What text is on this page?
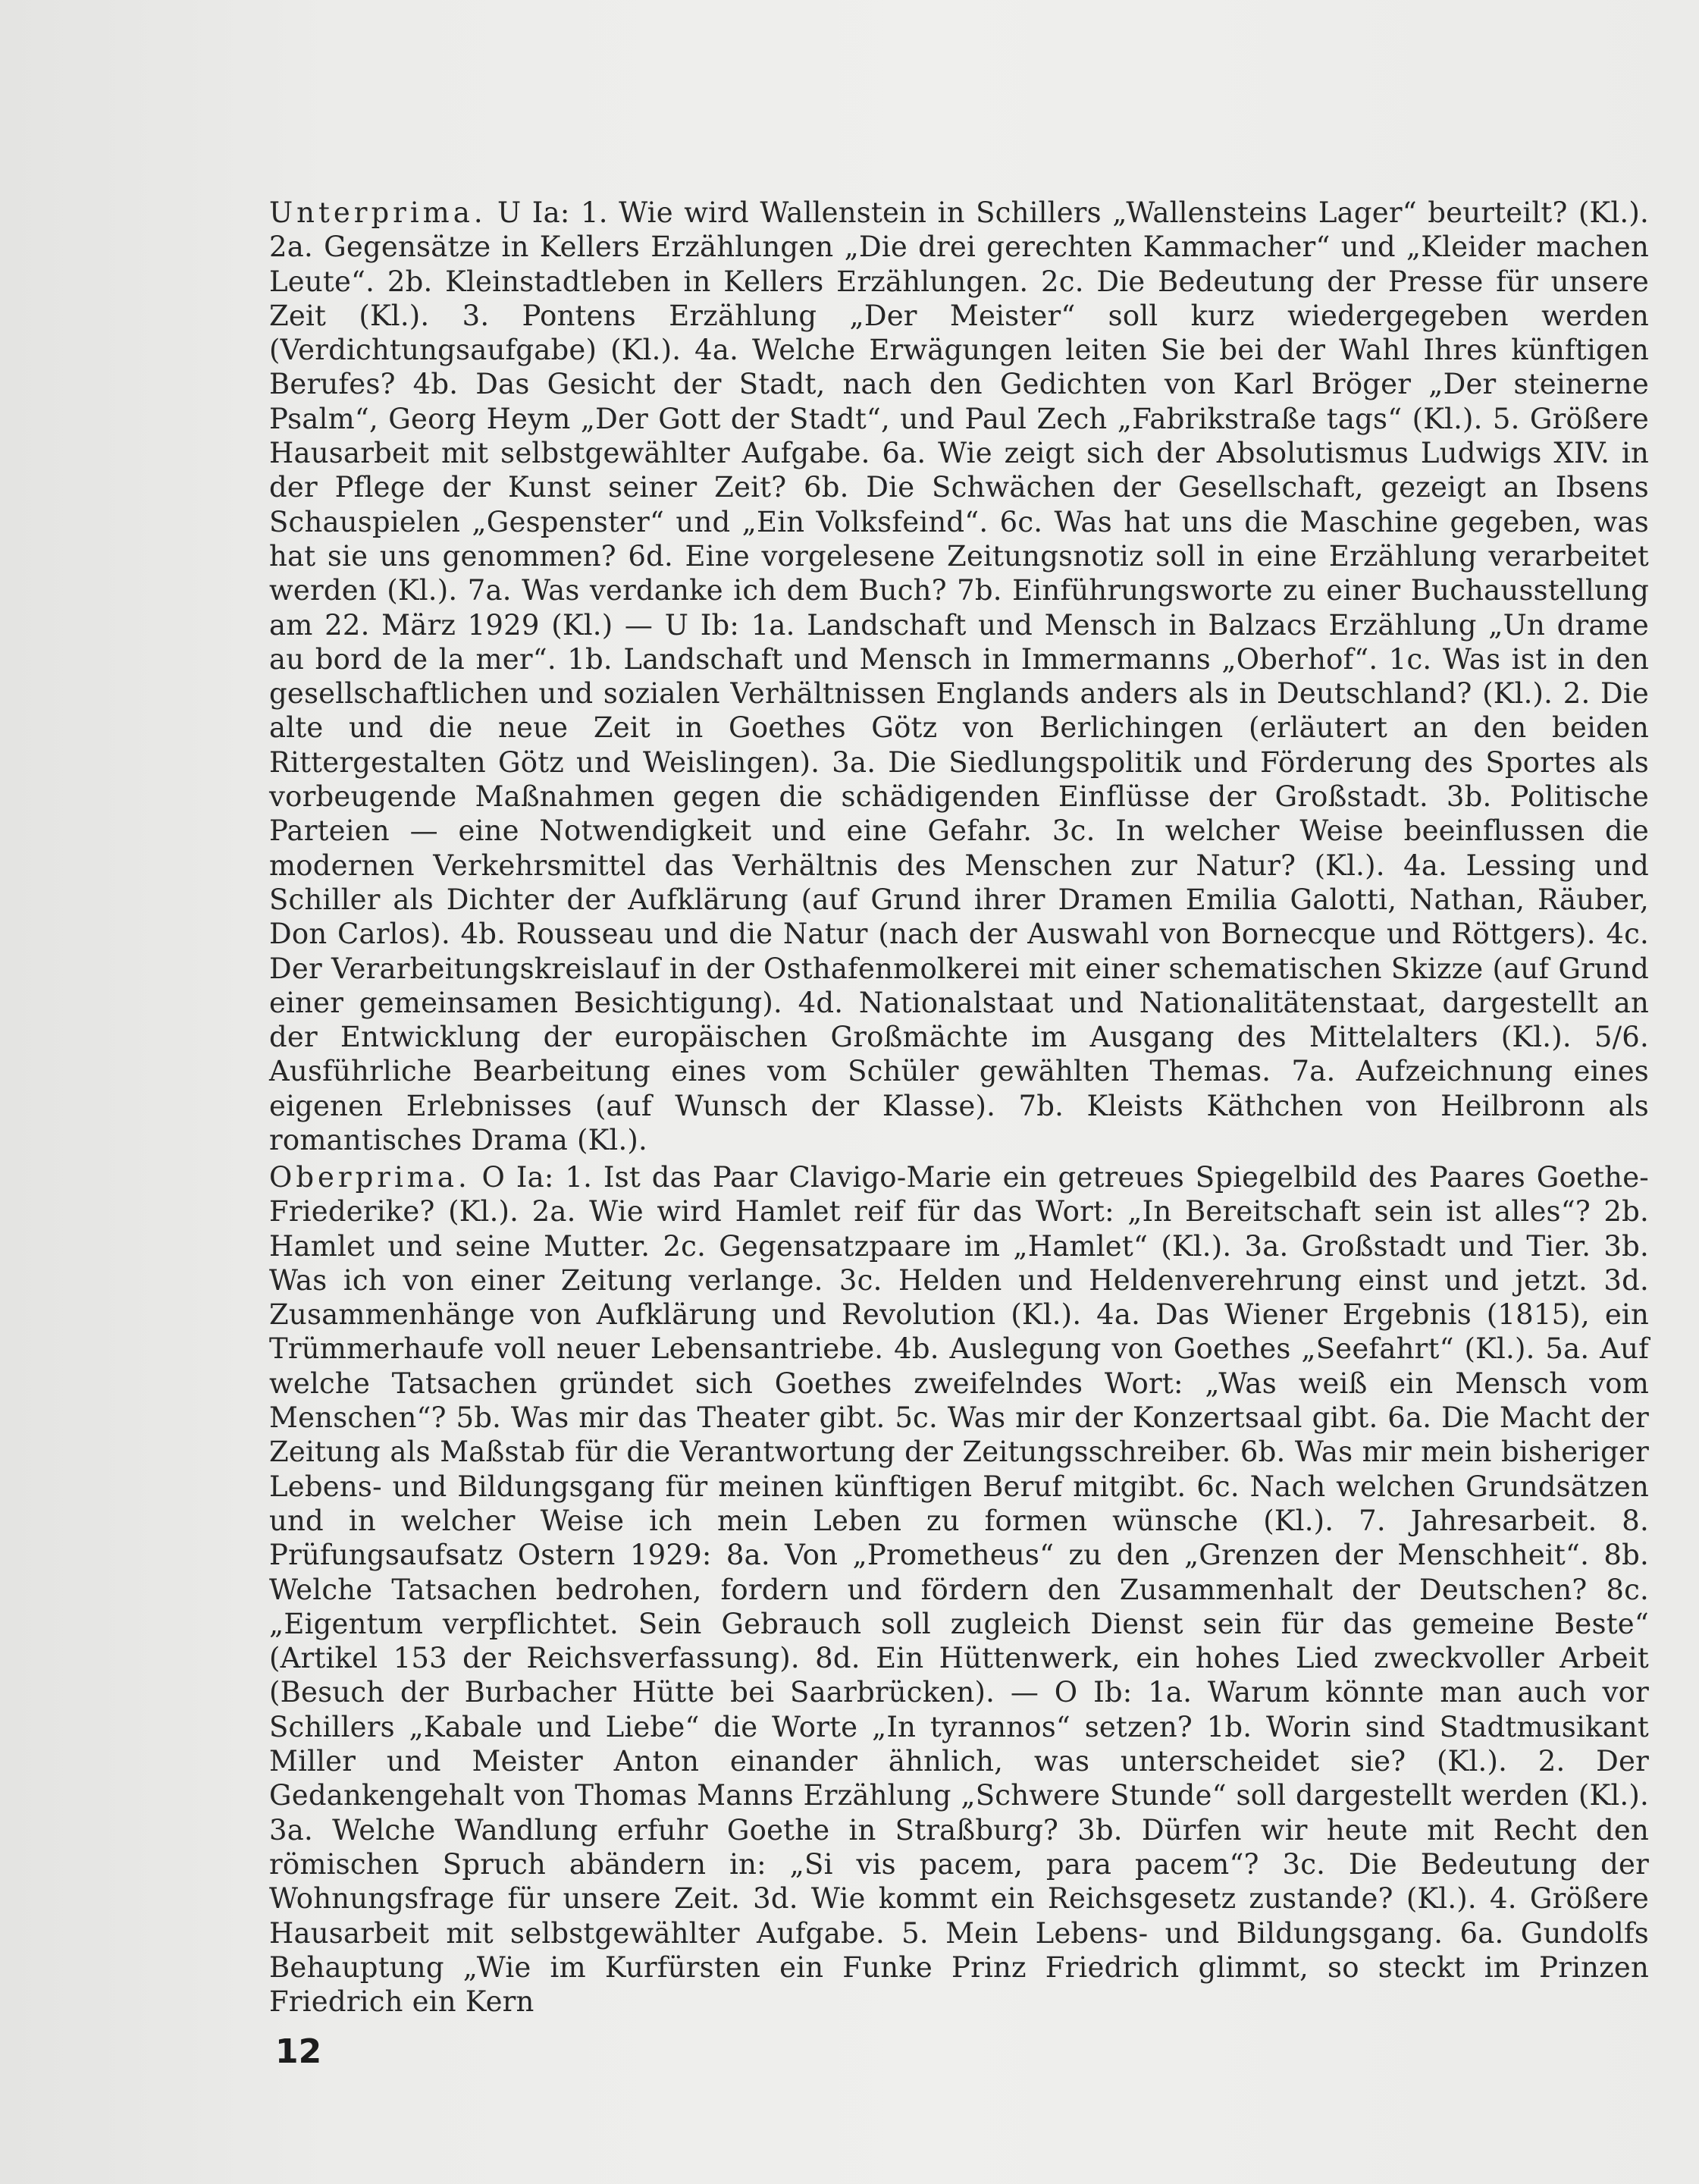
Unterprima. U Ia: 1. Wie wird Wallenstein in Schillers „Wallensteins Lager“ beurteilt? (Kl.). 2a. Gegensätze in Kellers Erzählungen „Die drei gerechten Kammacher“ und „Kleider machen Leute“. 2b. Kleinstadtleben in Kellers Erzählungen. 2c. Die Bedeutung der Presse für unsere Zeit (Kl.). 3. Pontens Erzählung „Der Meister“ soll kurz wiedergegeben werden (Verdichtungsaufgabe) (Kl.). 4a. Welche Erwägungen leiten Sie bei der Wahl Ihres künftigen Berufes? 4b. Das Gesicht der Stadt, nach den Gedichten von Karl Bröger „Der steinerne Psalm“, Georg Heym „Der Gott der Stadt“, und Paul Zech „Fabrikstraße tags“ (Kl.). 5. Größere Hausarbeit mit selbstgewählter Aufgabe. 6a. Wie zeigt sich der Absolutismus Ludwigs XIV. in der Pflege der Kunst seiner Zeit? 6b. Die Schwächen der Gesellschaft, gezeigt an Ibsens Schauspielen „Gespenster“ und „Ein Volksfeind“. 6c. Was hat uns die Maschine gegeben, was hat sie uns genommen? 6d. Eine vorgelesene Zeitungsnotiz soll in eine Erzählung verarbeitet werden (Kl.). 7a. Was verdanke ich dem Buch? 7b. Einführungsworte zu einer Buchausstellung am 22. März 1929 (Kl.) — U Ib: 1a. Landschaft und Mensch in Balzacs Erzählung „Un drame au bord de la mer“. 1b. Landschaft und Mensch in Immermanns „Oberhof“. 1c. Was ist in den gesellschaftlichen und sozialen Verhältnissen Englands anders als in Deutschland? (Kl.). 2. Die alte und die neue Zeit in Goethes Götz von Berlichingen (erläutert an den beiden Rittergestalten Götz und Weislingen). 3a. Die Siedlungspolitik und Förderung des Sportes als vorbeugende Maßnahmen gegen die schädigenden Einflüsse der Großstadt. 3b. Politische Parteien — eine Notwendigkeit und eine Gefahr. 3c. In welcher Weise beeinflussen die modernen Verkehrsmittel das Verhältnis des Menschen zur Natur? (Kl.). 4a. Lessing und Schiller als Dichter der Aufklärung (auf Grund ihrer Dramen Emilia Galotti, Nathan, Räuber, Don Carlos). 4b. Rousseau und die Natur (nach der Auswahl von Bornecque und Röttgers). 4c. Der Verarbeitungskreislauf in der Osthafenmolkerei mit einer schematischen Skizze (auf Grund einer gemeinsamen Besichtigung). 4d. Nationalstaat und Nationalitätenstaat, dargestellt an der Entwicklung der europäischen Großmächte im Ausgang des Mittelalters (Kl.). 5/6. Ausführliche Bearbeitung eines vom Schüler gewählten Themas. 7a. Aufzeichnung eines eigenen Erlebnisses (auf Wunsch der Klasse). 7b. Kleists Käthchen von Heilbronn als romantisches Drama (Kl.).

Oberprima. O Ia: 1. Ist das Paar Clavigo-Marie ein getreues Spiegelbild des Paares Goethe-Friederike? (Kl.). 2a. Wie wird Hamlet reif für das Wort: „In Bereitschaft sein ist alles“? 2b. Hamlet und seine Mutter. 2c. Gegensatzpaare im „Hamlet“ (Kl.). 3a. Großstadt und Tier. 3b. Was ich von einer Zeitung verlange. 3c. Helden und Heldenverehrung einst und jetzt. 3d. Zusammenhänge von Aufklärung und Revolution (Kl.). 4a. Das Wiener Ergebnis (1815), ein Trümmerhaufe voll neuer Lebensantriebe. 4b. Auslegung von Goethes „Seefahrt“ (Kl.). 5a. Auf welche Tatsachen gründet sich Goethes zweifelndes Wort: „Was weiß ein Mensch vom Menschen“? 5b. Was mir das Theater gibt. 5c. Was mir der Konzertsaal gibt. 6a. Die Macht der Zeitung als Maßstab für die Verantwortung der Zeitungsschreiber. 6b. Was mir mein bisheriger Lebens- und Bildungsgang für meinen künftigen Beruf mitgibt. 6c. Nach welchen Grundsätzen und in welcher Weise ich mein Leben zu formen wünsche (Kl.). 7. Jahresarbeit. 8. Prüfungsaufsatz Ostern 1929: 8a. Von „Prometheus“ zu den „Grenzen der Menschheit“. 8b. Welche Tatsachen bedrohen, fordern und fördern den Zusammenhalt der Deutschen? 8c. „Eigentum verpflichtet. Sein Gebrauch soll zugleich Dienst sein für das gemeine Beste“ (Artikel 153 der Reichsverfassung). 8d. Ein Hüttenwerk, ein hohes Lied zweckvoller Arbeit (Besuch der Burbacher Hütte bei Saarbrücken). — O Ib: 1a. Warum könnte man auch vor Schillers „Kabale und Liebe“ die Worte „In tyrannos“ setzen? 1b. Worin sind Stadtmusikant Miller und Meister Anton einander ähnlich, was unterscheidet sie? (Kl.). 2. Der Gedankengehalt von Thomas Manns Erzählung „Schwere Stunde“ soll dargestellt werden (Kl.). 3a. Welche Wandlung erfuhr Goethe in Straßburg? 3b. Dürfen wir heute mit Recht den römischen Spruch abändern in: „Si vis pacem, para pacem“? 3c. Die Bedeutung der Wohnungsfrage für unsere Zeit. 3d. Wie kommt ein Reichsgesetz zustande? (Kl.). 4. Größere Hausarbeit mit selbstgewählter Aufgabe. 5. Mein Lebens- und Bildungsgang. 6a. Gundolfs Behauptung „Wie im Kurfürsten ein Funke Prinz Friedrich glimmt, so steckt im Prinzen Friedrich ein Kern

12
